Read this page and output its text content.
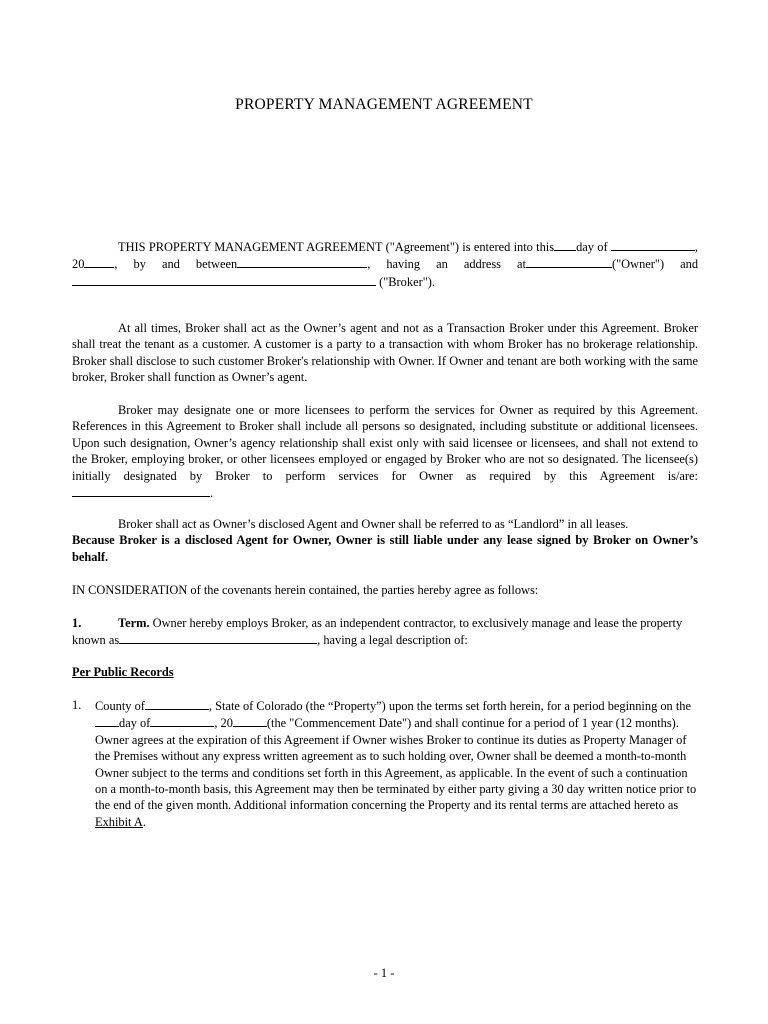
PROPERTY MANAGEMENT AGREEMENT
THIS PROPERTY MANAGEMENT AGREEMENT ("Agreement") is entered into this day of	, 20 , by and between	, having an address at	("Owner") and ("Broker").
At all times, Broker shall act as the Owner’s agent and not as a Transaction Broker under this Agreement. Broker shall treat the tenant as a customer. A customer is a party to a transaction with whom Broker has no brokerage relationship. Broker shall disclose to such customer Broker's relationship with Owner. If Owner and tenant are both working with the same broker, Broker shall function as Owner’s agent.
Broker may designate one or more licensees to perform the services for Owner as required by this Agreement. References in this Agreement to Broker shall include all persons so designated, including substitute or additional licensees. Upon such designation, Owner’s agency relationship shall exist only with said licensee or licensees, and shall not extend to the Broker, employing broker, or other licensees employed or engaged by Broker who are not so designated. The licensee(s) initially designated by Broker to perform services for Owner as required by this Agreement is/are: .
Broker shall act as Owner’s disclosed Agent and Owner shall be referred to as “Landlord” in all leases.
Because Broker is a disclosed Agent for Owner, Owner is still liable under any lease signed by Broker on Owner’s behalf.
IN CONSIDERATION of the covenants herein contained, the parties hereby agree as follows:
1.	Term. Owner hereby employs Broker, as an independent contractor, to exclusively manage and lease the property known as	, having a legal description of:
Per Public Records
1. County of	, State of Colorado (the “Property”) upon the terms set forth herein, for a period beginning on theday of	, 20	(the "Commencement Date") and shall continue for a period of 1 year (12 months). Owner agrees at the expiration of this Agreement if Owner wishes Broker to continue its duties as Property Manager of the Premises without any express written agreement as to such holding over, Owner shall be deemed a month-to-month Owner subject to the terms and conditions set forth in this Agreement, as applicable. In the event of such a continuation on a month-to-month basis, this Agreement may then be terminated by either party giving a 30 day written notice prior to the end of the given month. Additional information concerning the Property and its rental terms are attached hereto as Exhibit A.
- 1 -
